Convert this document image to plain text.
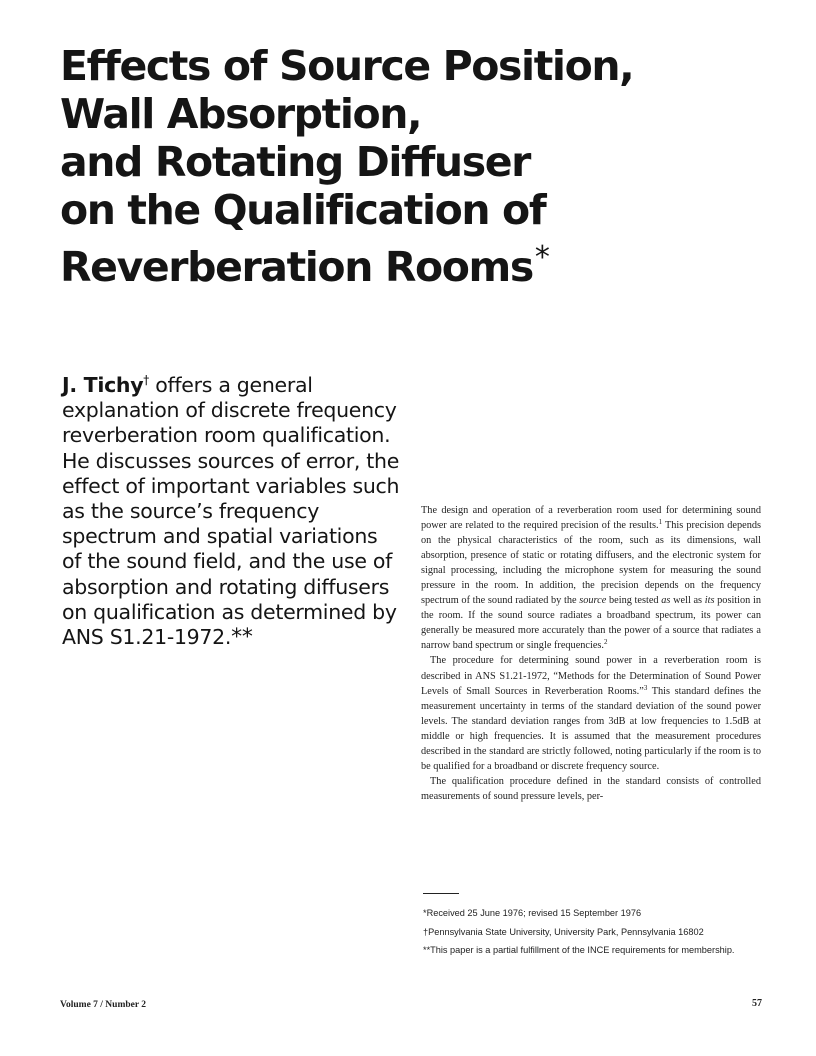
Effects of Source Position,
Wall Absorption,
and Rotating Diffuser
on the Qualification of
Reverberation Rooms*
J. Tichy† offers a general explanation of discrete frequency reverberation room qualification. He discusses sources of error, the effect of important variables such as the source’s frequency spectrum and spatial variations of the sound field, and the use of absorption and rotating diffusers on qualification as determined by ANS S1.21-1972.**

The design and operation of a reverberation room used for determining sound power are related to the required precision of the results.$^1$ This precision depends on the physical characteristics of the room, such as its dimensions, wall absorption, presence of static or rotating diffusers, and the electronic system for signal processing, including the microphone system for measuring the sound pressure in the room. In addition, the precision depends on the frequency spectrum of the sound radiated by the source being tested as well as its position in the room. If the sound source radiates a broadband spectrum, its power can generally be measured more accurately than the power of a source that radiates a narrow band spectrum or single frequencies.$^2$

The procedure for determining sound power in a reverberation room is described in ANS S1.21-1972, “Methods for the Determination of Sound Power Levels of Small Sources in Reverberation Rooms.”$^3$ This standard defines the measurement uncertainty in terms of the standard deviation of the sound power levels. The standard deviation ranges from 3dB at low frequencies to 1.5dB at middle or high frequencies. It is assumed that the measurement procedures described in the standard are strictly followed, noting particularly if the room is to be qualified for a broadband or discrete frequency source.

The qualification procedure defined in the standard consists of controlled measurements of sound pressure levels, per-

*Received 25 June 1976; revised 15 September 1976

†Pennsylvania State University, University Park, Pennsylvania 16802

**This paper is a partial fulfillment of the INCE requirements for membership.

Volume 7 / Number 2	57
